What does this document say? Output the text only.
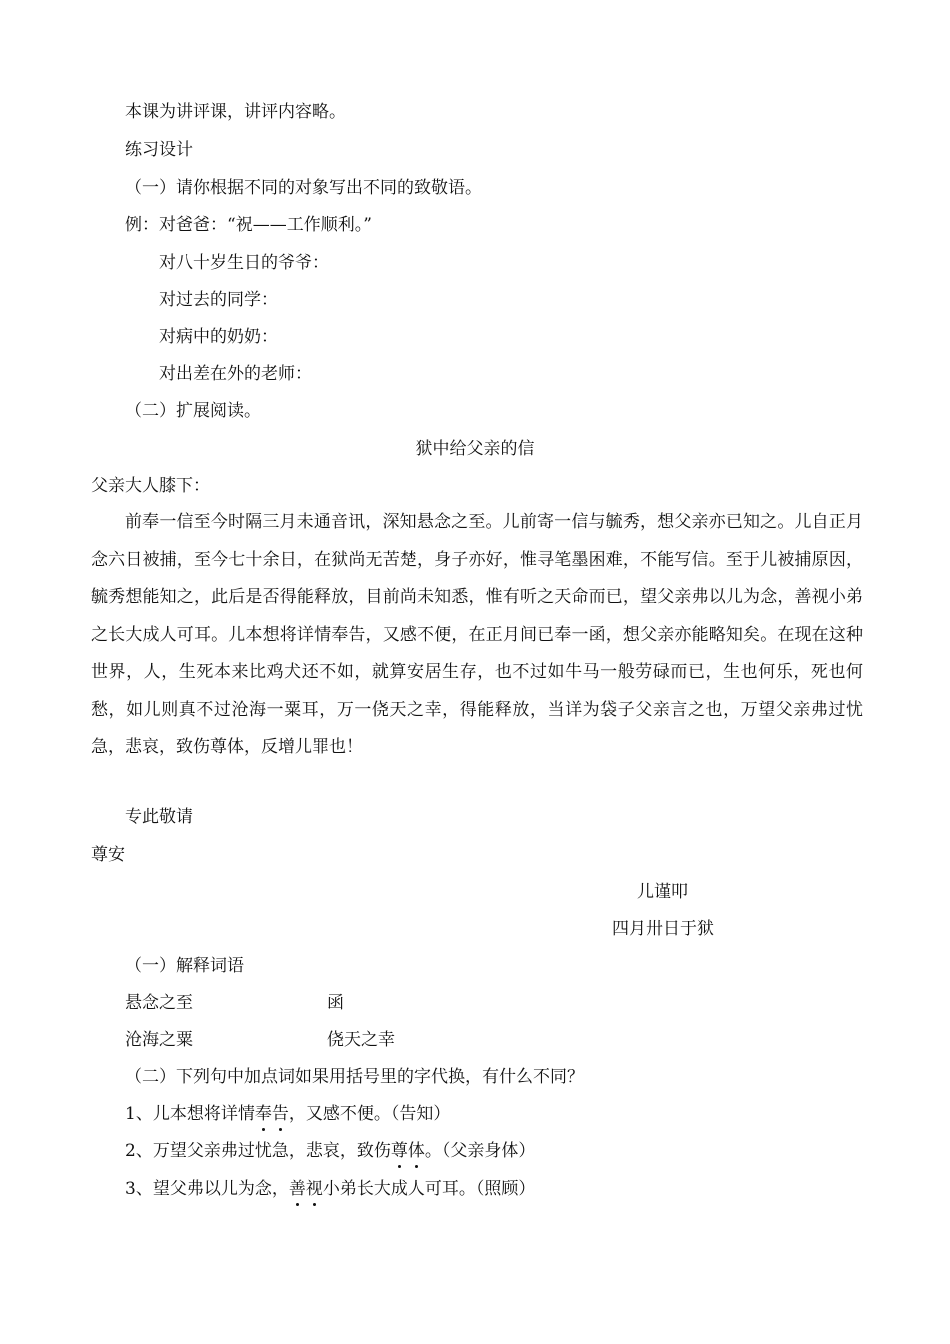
本课为讲评课，讲评内容略。
练习设计
（一）请你根据不同的对象写出不同的致敬语。
例：对爸爸：“祝——工作顺利。”
对八十岁生日的爷爷：
对过去的同学：
对病中的奶奶：
对出差在外的老师：
（二）扩展阅读。
狱中给父亲的信
父亲大人膝下：
前奉一信至今时隔三月未通音讯，深知悬念之至。儿前寄一信与毓秀，想父亲亦已知之。儿自正月念六日被捕，至今七十余日，在狱尚无苦楚，身子亦好，惟寻笔墨困难，不能写信。至于儿被捕原因，毓秀想能知之，此后是否得能释放，目前尚未知悉，惟有听之天命而已，望父亲弗以儿为念，善视小弟之长大成人可耳。儿本想将详情奉告，又感不便，在正月间已奉一函，想父亲亦能略知矣。在现在这种世界，人，生死本来比鸡犬还不如，就算安居生存，也不过如牛马一般劳碌而已，生也何乐，死也何愁，如儿则真不过沧海一粟耳，万一侥天之幸，得能释放，当详为袋子父亲言之也，万望父亲弗过忧急，悲哀，致伤尊体，反增儿罪也！
专此敬请
尊安
儿谨叩
四月卅日于狱
（一）解释词语
悬念之至	函
沧海之粟	侥天之幸
（二）下列句中加点词如果用括号里的字代换，有什么不同？
1、儿本想将详情奉告，又感不便。（告知）
2、万望父亲弗过忧急，悲哀，致伤尊体。（父亲身体）
3、望父弗以儿为念，善视小弟长大成人可耳。（照顾）
